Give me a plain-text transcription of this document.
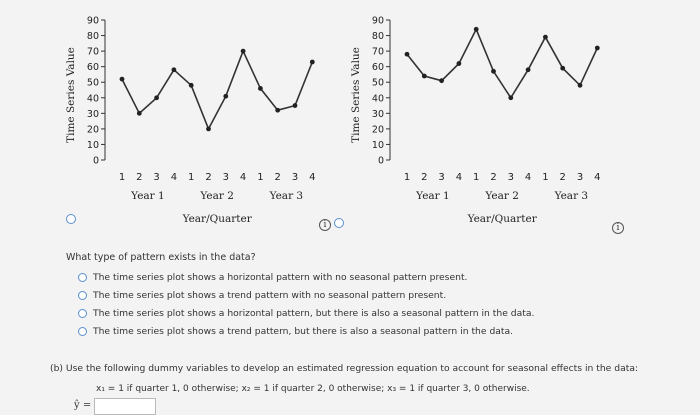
0
10
20
30
40
50
60
70
80
90
Time Series Value
1 2 3 4 1 2 3 4 1 2 3 4
Year 1	Year 2	Year 3
Year/Quarter
0
10
20
30
40
50
60
70
80
90
Time Series Value
1 2 3 4 1 2 3 4 1 2 3 4
Year 1	Year 2	Year 3
Year/Quarter
i	i
What type of pattern exists in the data?
The time series plot shows a horizontal pattern with no seasonal pattern present.
The time series plot shows a trend pattern with no seasonal pattern present.
The time series plot shows a horizontal pattern, but there is also a seasonal pattern in the data.
The time series plot shows a trend pattern, but there is also a seasonal pattern in the data.
(b) Use the following dummy variables to develop an estimated regression equation to account for seasonal effects in the data:
x₁ = 1 if quarter 1, 0 otherwise; x₂ = 1 if quarter 2, 0 otherwise; x₃ = 1 if quarter 3, 0 otherwise.
ŷ =
